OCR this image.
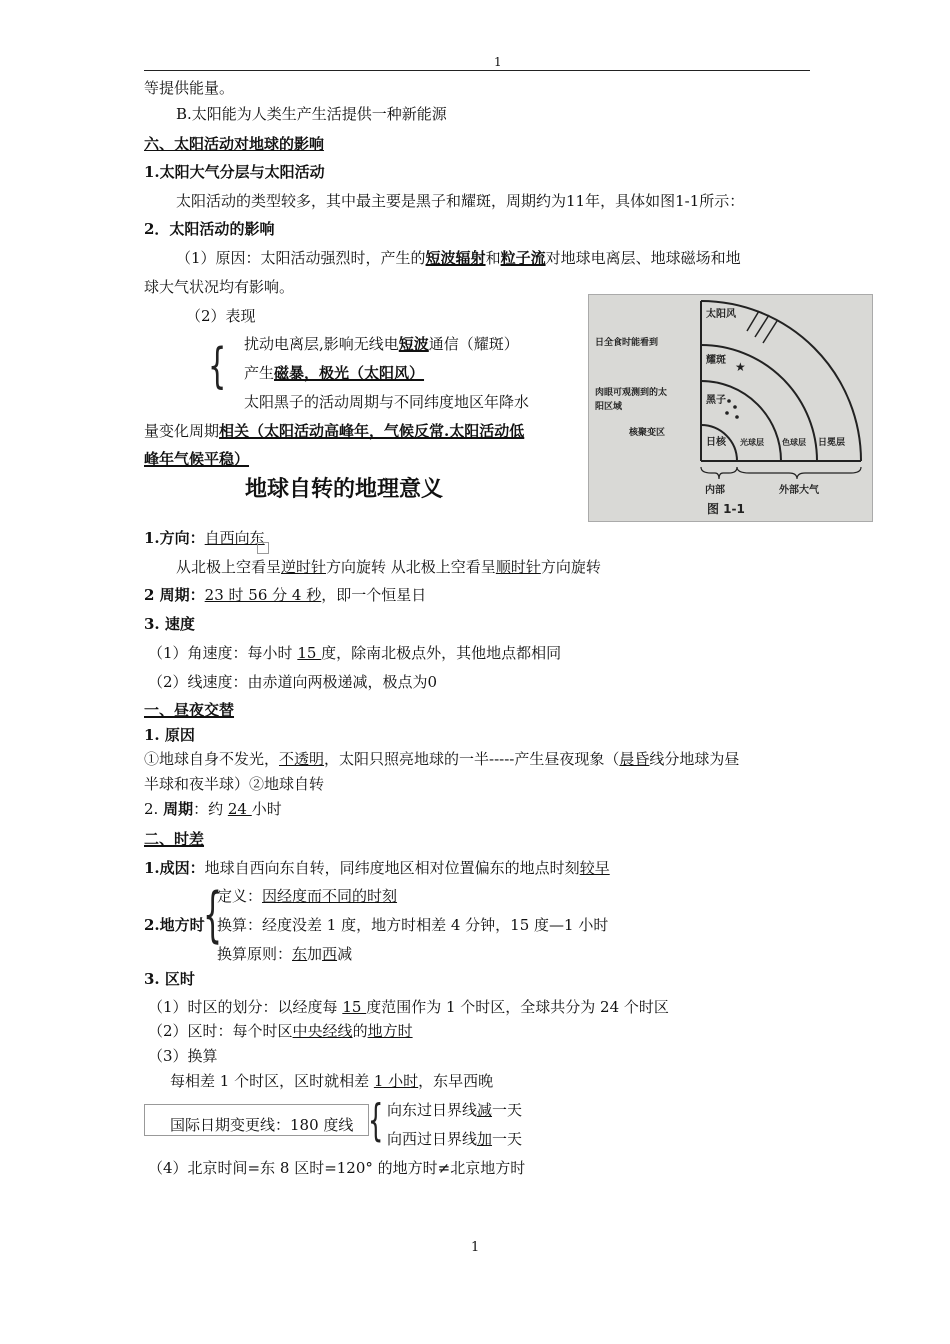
1
等提供能量。
B.太阳能为人类生产生活提供一种新能源
六、太阳活动对地球的影响
1.太阳大气分层与太阳活动
太阳活动的类型较多，其中最主要是黑子和耀斑，周期约为11年，具体如图1-1所示：
2．太阳活动的影响
（1）原因：太阳活动强烈时，产生的短波辐射和粒子流对地球电离层、地球磁场和地
球大气状况均有影响。
（2）表现
{ 扰动电离层,影响无线电短波通信（耀斑）
产生磁暴，极光（太阳风）
太阳黑子的活动周期与不同纬度地区年降水
量变化周期相关（太阳活动高峰年，气候反常.太阳活动低
峰年气候平稳）
★
太阳风
耀斑
黑子
日核 光球层 色球层 日冕层
日全食时能看到
肉眼可观测到的太
阳区域
核聚变区
内部	外部大气
图 1-1
地球自转的地理意义
1.方向：自西向东
从北极上空看呈逆时针方向旋转 从北极上空看呈顺时针方向旋转
2 周期：23 时 56 分 4 秒，即一个恒星日
3. 速度
（1）角速度：每小时 15 度，除南北极点外，其他地点都相同
（2）线速度：由赤道向两极递减，极点为0
一、昼夜交替
1. 原因
①地球自身不发光，不透明，太阳只照亮地球的一半-----产生昼夜现象（晨昏线分地球为昼
半球和夜半球）②地球自转
2. 周期：约 24 小时
二、时差
1.成因：地球自西向东自转，同纬度地区相对位置偏东的地点时刻较早
2.地方时
{
定义：因经度而不同的时刻
换算：经度没差 1 度，地方时相差 4 分钟，15 度—1 小时
换算原则：东加西减
3. 区时
（1）时区的划分：以经度每 15 度范围作为 1 个时区，全球共分为 24 个时区
（2）区时：每个时区中央经线的地方时
（3）换算
每相差 1 个时区，区时就相差 1 小时，东早西晚
国际日期变更线：180 度线 { 向东过日界线减一天
向西过日界线加一天
（4）北京时间=东 8 区时=120° 的地方时≠北京地方时
1
